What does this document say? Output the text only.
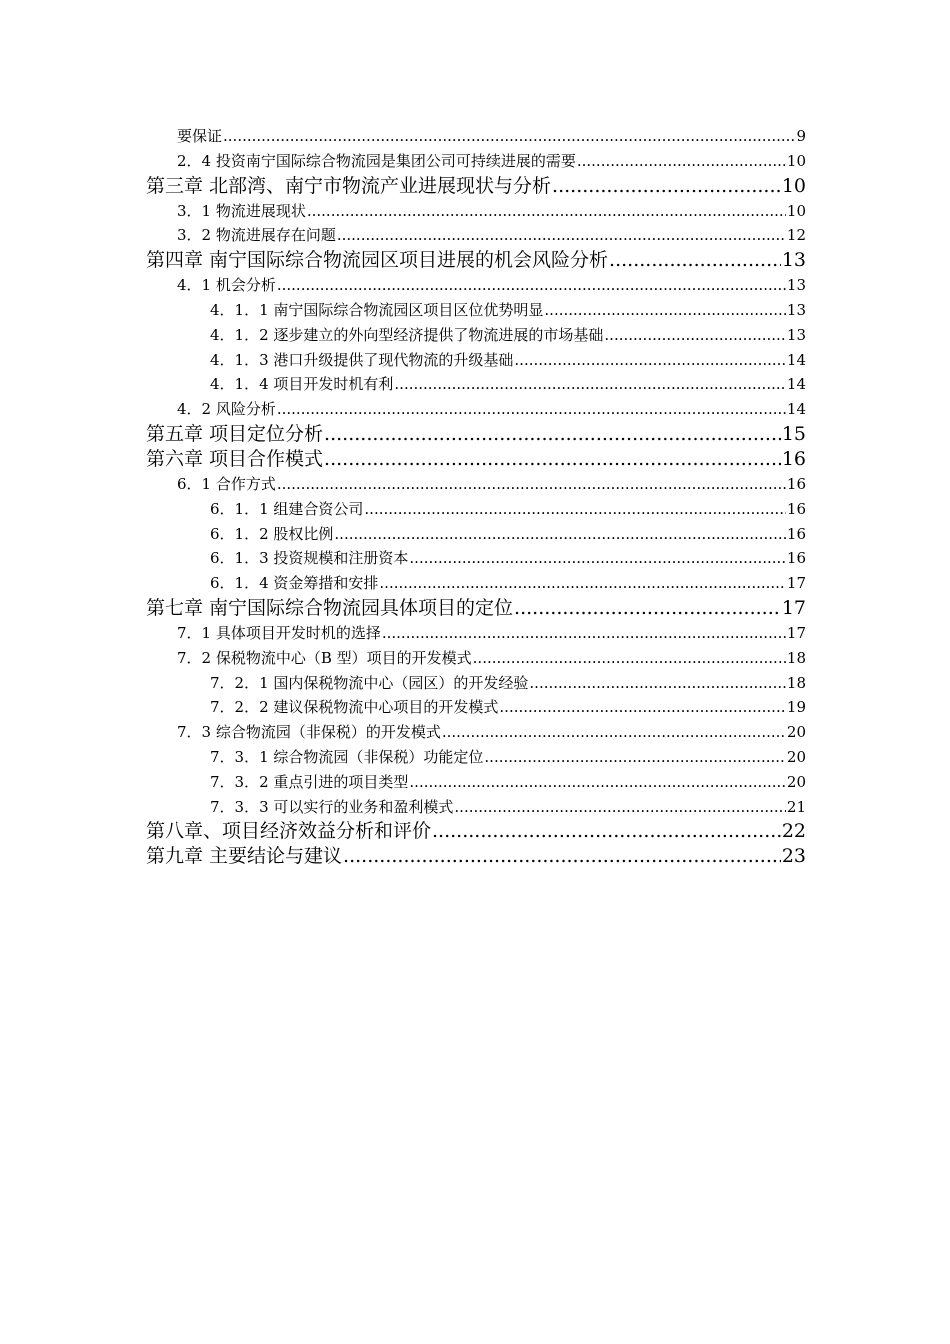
要保证 .....	9
2．4 投资南宁国际综合物流园是集团公司可持续进展的需要 .....	10
第三章 北部湾、南宁市物流产业进展现状与分析 .....	10
3．1 物流进展现状 .....	10
3．2 物流进展存在问题 .....	12
第四章 南宁国际综合物流园区项目进展的机会风险分析 .....	13
4．1 机会分析 .....	13
4．1．1 南宁国际综合物流园区项目区位优势明显 .....	13
4．1．2 逐步建立的外向型经济提供了物流进展的市场基础 .....	13
4．1．3 港口升级提供了现代物流的升级基础 .....	14
4．1．4 项目开发时机有利 .....	14
4．2 风险分析 .....	14
第五章 项目定位分析 .....	15
第六章 项目合作模式 .....	16
6．1 合作方式 .....	16
6．1．1 组建合资公司 .....	16
6．1．2 股权比例 .....	16
6．1．3 投资规模和注册资本 .....	16
6．1．4 资金筹措和安排 .....	17
第七章 南宁国际综合物流园具体项目的定位 .....	17
7．1 具体项目开发时机的选择 .....	17
7．2 保税物流中心（B 型）项目的开发模式 .....	18
7．2．1 国内保税物流中心（园区）的开发经验 .....	18
7．2．2 建议保税物流中心项目的开发模式 .....	19
7．3 综合物流园（非保税）的开发模式 .....	20
7．3．1 综合物流园（非保税）功能定位 .....	20
7．3．2 重点引进的项目类型 .....	20
7．3．3 可以实行的业务和盈利模式 .....	21
第八章、项目经济效益分析和评价 .....	22
第九章 主要结论与建议 .....	23
